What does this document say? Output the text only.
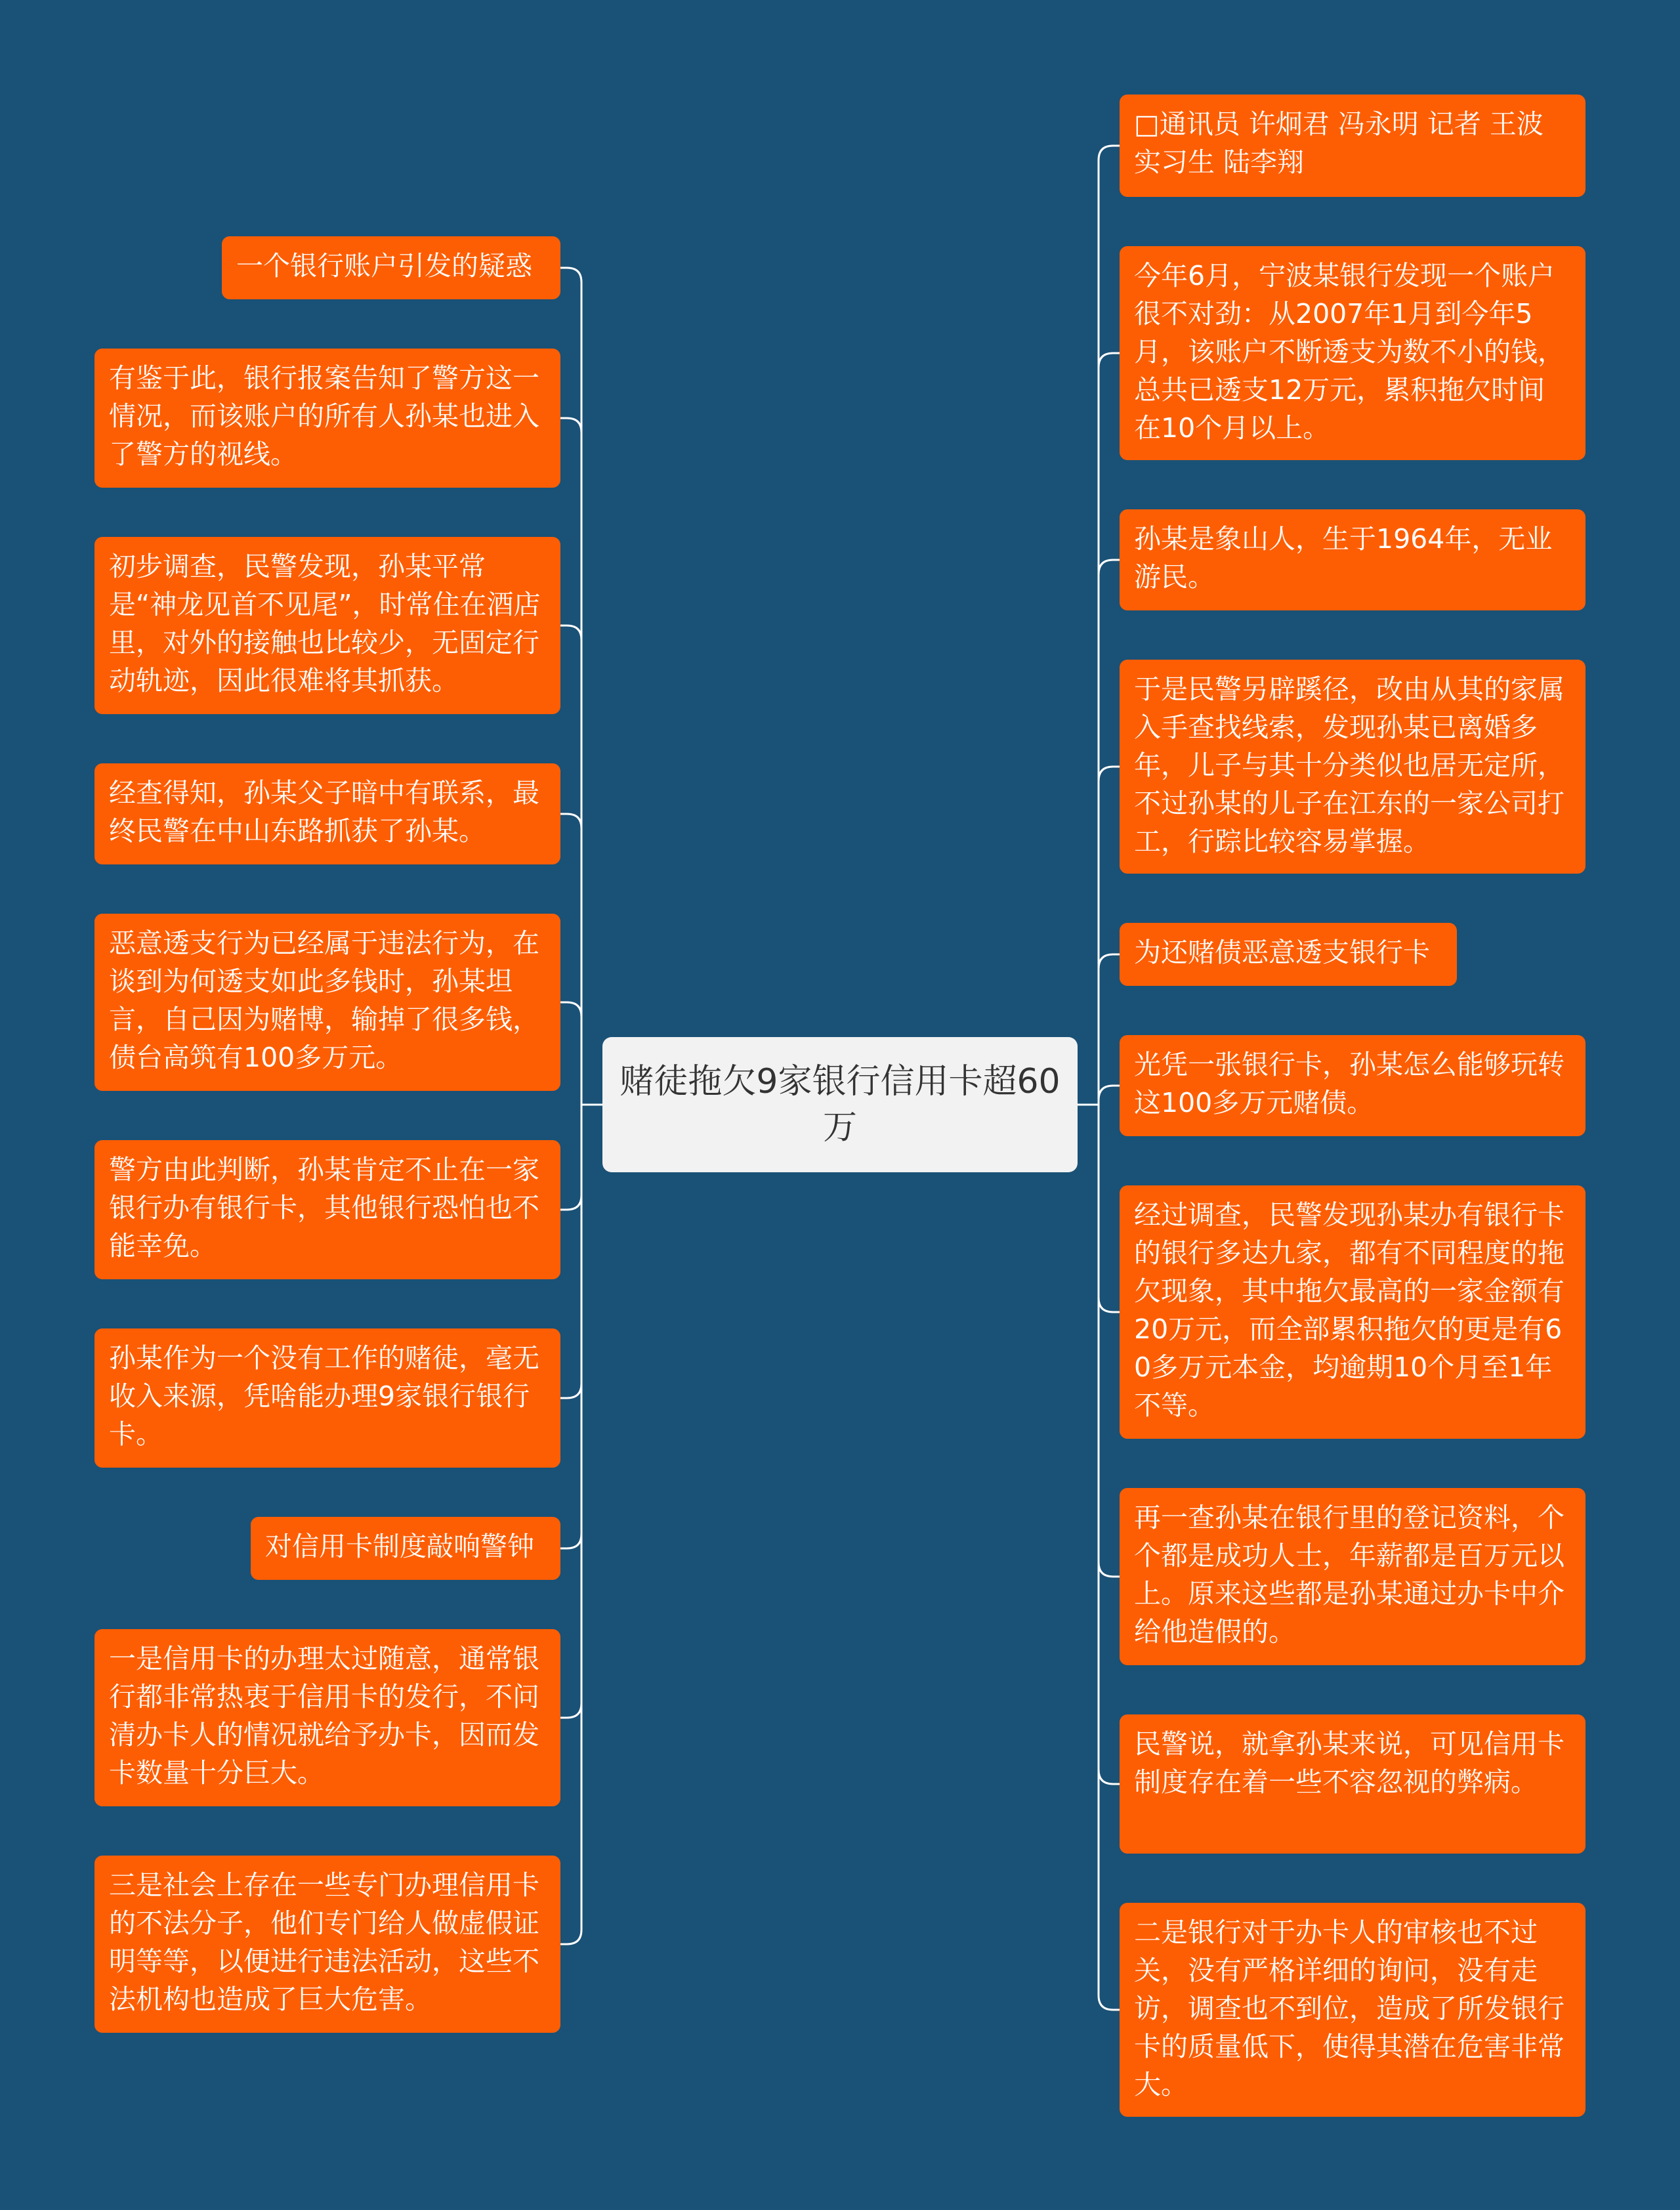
赌徒拖欠9家银行信用卡超60万
一个银行账户引发的疑惑
有鉴于此，银行报案告知了警方这一情况，而该账户的所有人孙某也进入了警方的视线。
初步调查，民警发现，孙某平常是“神龙见首不见尾”，时常住在酒店里，对外的接触也比较少，无固定行动轨迹，因此很难将其抓获。
经查得知，孙某父子暗中有联系，最终民警在中山东路抓获了孙某。
恶意透支行为已经属于违法行为，在谈到为何透支如此多钱时，孙某坦言，自己因为赌博，输掉了很多钱，债台高筑有100多万元。
警方由此判断，孙某肯定不止在一家银行办有银行卡，其他银行恐怕也不能幸免。
孙某作为一个没有工作的赌徒，毫无收入来源，凭啥能办理9家银行银行卡。
对信用卡制度敲响警钟
一是信用卡的办理太过随意，通常银行都非常热衷于信用卡的发行，不问清办卡人的情况就给予办卡，因而发卡数量十分巨大。
三是社会上存在一些专门办理信用卡的不法分子，他们专门给人做虚假证明等等，以便进行违法活动，这些不法机构也造成了巨大危害。
□通讯员 许炯君 冯永明 记者 王波 实习生 陆李翔
今年6月，宁波某银行发现一个账户很不对劲：从2007年1月到今年5月，该账户不断透支为数不小的钱，总共已透支12万元，累积拖欠时间在10个月以上。
孙某是象山人，生于1964年，无业游民。
于是民警另辟蹊径，改由从其的家属入手查找线索，发现孙某已离婚多年，儿子与其十分类似也居无定所，不过孙某的儿子在江东的一家公司打工，行踪比较容易掌握。
为还赌债恶意透支银行卡
光凭一张银行卡，孙某怎么能够玩转这100多万元赌债。
经过调查，民警发现孙某办有银行卡的银行多达九家，都有不同程度的拖欠现象，其中拖欠最高的一家金额有20万元，而全部累积拖欠的更是有60多万元本金，均逾期10个月至1年不等。
再一查孙某在银行里的登记资料，个个都是成功人士，年薪都是百万元以上。原来这些都是孙某通过办卡中介给他造假的。
民警说，就拿孙某来说，可见信用卡制度存在着一些不容忽视的弊病。
二是银行对于办卡人的审核也不过关，没有严格详细的询问，没有走访，调查也不到位，造成了所发银行卡的质量低下，使得其潜在危害非常大。
